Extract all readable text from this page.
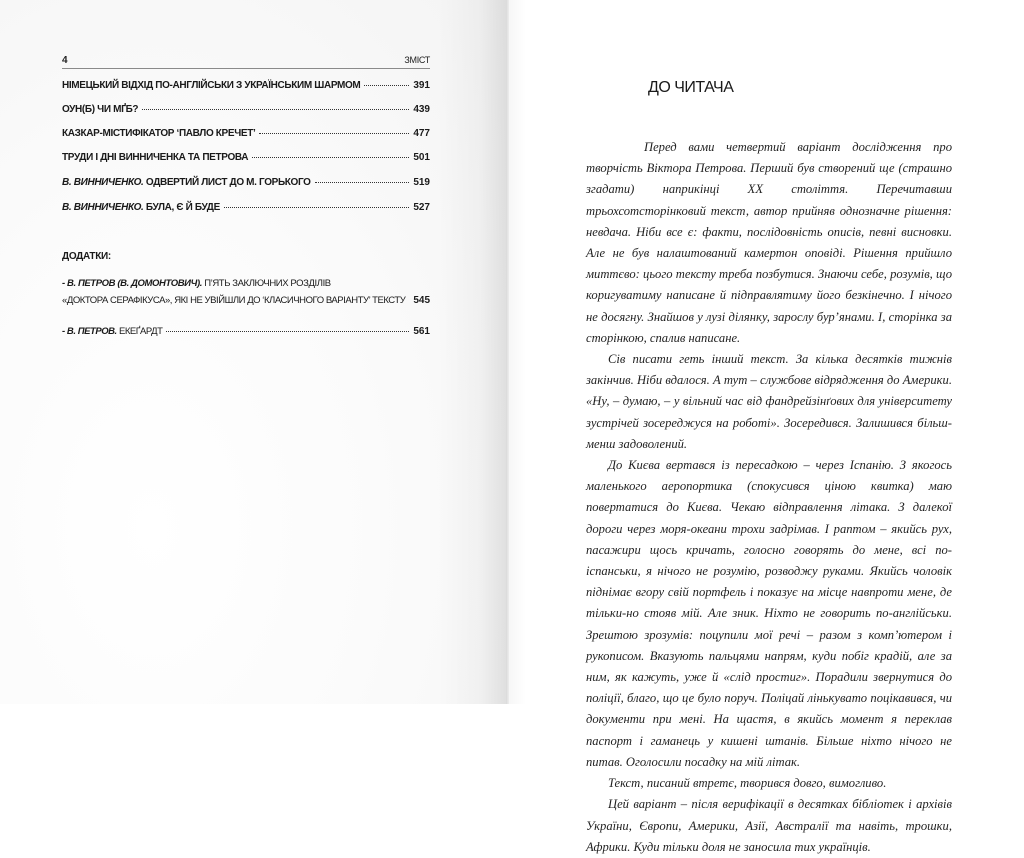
4	ЗМІСТ
НІМЕЦЬКИЙ ВІДХІД ПО-АНГЛІЙСЬКИ З УКРАЇНСЬКИМ ШАРМОМ	391
ОУН(Б) ЧИ МҐБ?	439
КАЗКАР-МІСТИФІКАТОР ‘ПАВЛО КРЕЧЕТ’	477
ТРУДИ І ДНІ ВИННИЧЕНКА ТА ПЕТРОВА	501
В. ВИННИЧЕНКО. ОДВЕРТИЙ ЛИСТ ДО М. ГОРЬКОГО	519
В. ВИННИЧЕНКО. БУЛА, Є Й БУДЕ	527
ДОДАТКИ:
- В. ПЕТРОВ (В. ДОМОНТОВИЧ). П’ЯТЬ ЗАКЛЮЧНИХ РОЗДІЛІВ
«ДОКТОРА СЕРАФІКУСА», ЯКІ НЕ УВІЙШЛИ ДО ‘КЛАСИЧНОГО ВАРІАНТУ’ ТЕКСТУ 545
- В. ПЕТРОВ. ЕКЕҐАРДТ	561
ДО ЧИТАЧА

Перед вами четвертий варіант дослідження про творчість Віктора Петрова. Перший був створений ще (страшно згадати) наприкінці XX століття. Перечитавши трьохсотсторінковий текст, автор прийняв однозначне рішення: невдача. Ніби все є: факти, послідовність описів, певні висновки. Але не був налаштований камертон оповіді. Рішення прийшло миттєво: цього тексту треба позбутися. Знаючи себе, розумів, що коригуватиму написане й підправлятиму його безкінечно. І нічого не досягну. Знайшов у лузі ділянку, зарослу бур’янами. І, сторінка за сторінкою, спалив написане.

Сів писати геть інший текст. За кілька десятків тижнів закінчив. Ніби вдалося. А тут – службове відрядження до Америки. «Ну, – думаю, – у вільний час від фандрейзінґових для університету зустрічей зосереджуся на роботі». Зосередився. Залишився більш-менш задоволений.

До Києва вертався із пересадкою – через Іспанію. З якогось маленького аеропортика (спокусився ціною квитка) маю повертатися до Києва. Чекаю відправлення літака. З далекої дороги через моря-океани трохи задрімав. І раптом – якийсь рух, пасажири щось кричать, голосно говорять до мене, всі по-іспанськи, я нічого не розумію, розводжу руками. Якийсь чоловік піднімає вгору свій портфель і показує на місце навпроти мене, де тільки-но стояв мій. Але зник. Ніхто не говорить по-англійськи. Зрештою зрозумів: поцупили мої речі – разом з комп’ютером і рукописом. Вказують пальцями напрям, куди побіг крадій, але за ним, як кажуть, уже й «слід простиг». Порадили звернутися до поліції, благо, що це було поруч. Поліцай лінькувато поцікавився, чи документи при мені. На щастя, в якийсь момент я переклав паспорт і гаманець у кишені штанів. Більше ніхто нічого не питав. Оголосили посадку на мій літак.

Текст, писаний втретє, творився довго, вимогливо.

Цей варіант – після верифікації в десятках бібліотек і архівів України, Європи, Америки, Азії, Австралії та навіть, трошки, Африки. Куди тільки доля не заносила тих українців.
